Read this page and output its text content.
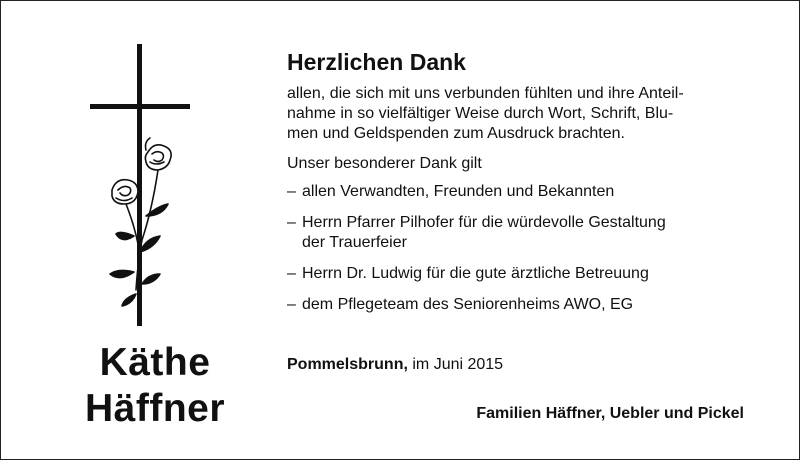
Käthe
Häffner
Herzlichen Dank

allen, die sich mit uns verbunden fühlten und ihre Anteil-

nahme in so vielfältiger Weise durch Wort, Schrift, Blu-

men und Geldspenden zum Ausdruck brachten.

Unser besonderer Dank gilt
– allen Verwandten, Freunden und Bekannten
– Herrn Pfarrer Pilhofer für die würdevolle Gestaltung
der Trauerfeier
– Herrn Dr. Ludwig für die gute ärztliche Betreuung
– dem Pflegeteam des Seniorenheims AWO, EG
Pommelsbrunn, im Juni 2015
Familien Häffner, Uebler und Pickel
